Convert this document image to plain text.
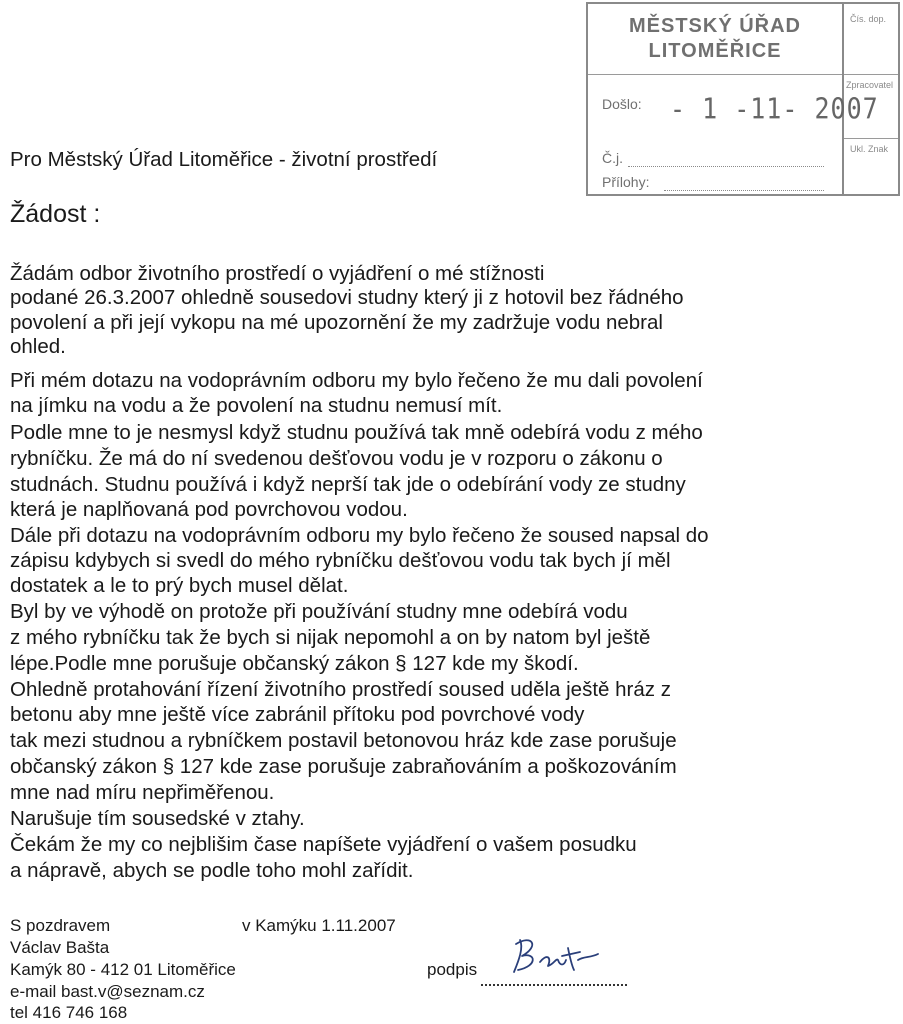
MĚSTSKÝ ÚŘAD
LITOMĚŘICE
Čís. dop.
Zpracovatel
Ukl. Znak
Došlo: - 1 -11- 2007
Č.j.
Přílohy:
Pro Městský Úřad Litoměřice - životní prostředí
Žádost :
Žádám odbor životního prostředí o vyjádření o mé stížnosti
podané 26.3.2007 ohledně sousedovi studny který ji z hotovil bez řádného
povolení a při její vykopu na mé upozornění že my zadržuje vodu nebral
ohled.
Při mém dotazu na vodoprávním odboru my bylo řečeno že mu dali povolení
na jímku na vodu a že povolení na studnu nemusí mít.
Podle mne to je nesmysl když studnu používá tak mně odebírá vodu z mého
rybníčku. Že má do ní svedenou dešťovou vodu je v rozporu o zákonu o
studnách. Studnu používá i když neprší tak jde o odebírání vody ze studny
která je naplňovaná pod povrchovou vodou.
Dále při dotazu na vodoprávním odboru my bylo řečeno že soused napsal do
zápisu kdybych si svedl do mého rybníčku dešťovou vodu tak bych jí měl
dostatek a le to prý bych musel dělat.
Byl by ve výhodě on protože při používání studny mne odebírá vodu
z mého rybníčku tak že bych si nijak nepomohl a on by natom byl ještě
lépe.Podle mne porušuje občanský zákon § 127 kde my škodí.
Ohledně protahování řízení životního prostředí soused uděla ještě hráz z
betonu aby mne ještě více zabránil přítoku pod povrchové vody
tak mezi studnou a rybníčkem postavil betonovou hráz kde zase porušuje
občanský zákon § 127 kde zase porušuje zabraňováním a poškozováním
mne nad míru nepřiměřenou.
Narušuje tím sousedské v ztahy.
Čekám že my co nejblišim čase napíšete vyjádření o vašem posudku
a nápravě, abych se podle toho mohl zařídit.
S pozdravem	v Kamýku 1.11.2007
Václav Bašta
Kamýk 80 - 412 01 Litoměřice
e-mail bast.v@seznam.cz
tel 416 746 168
podpis
